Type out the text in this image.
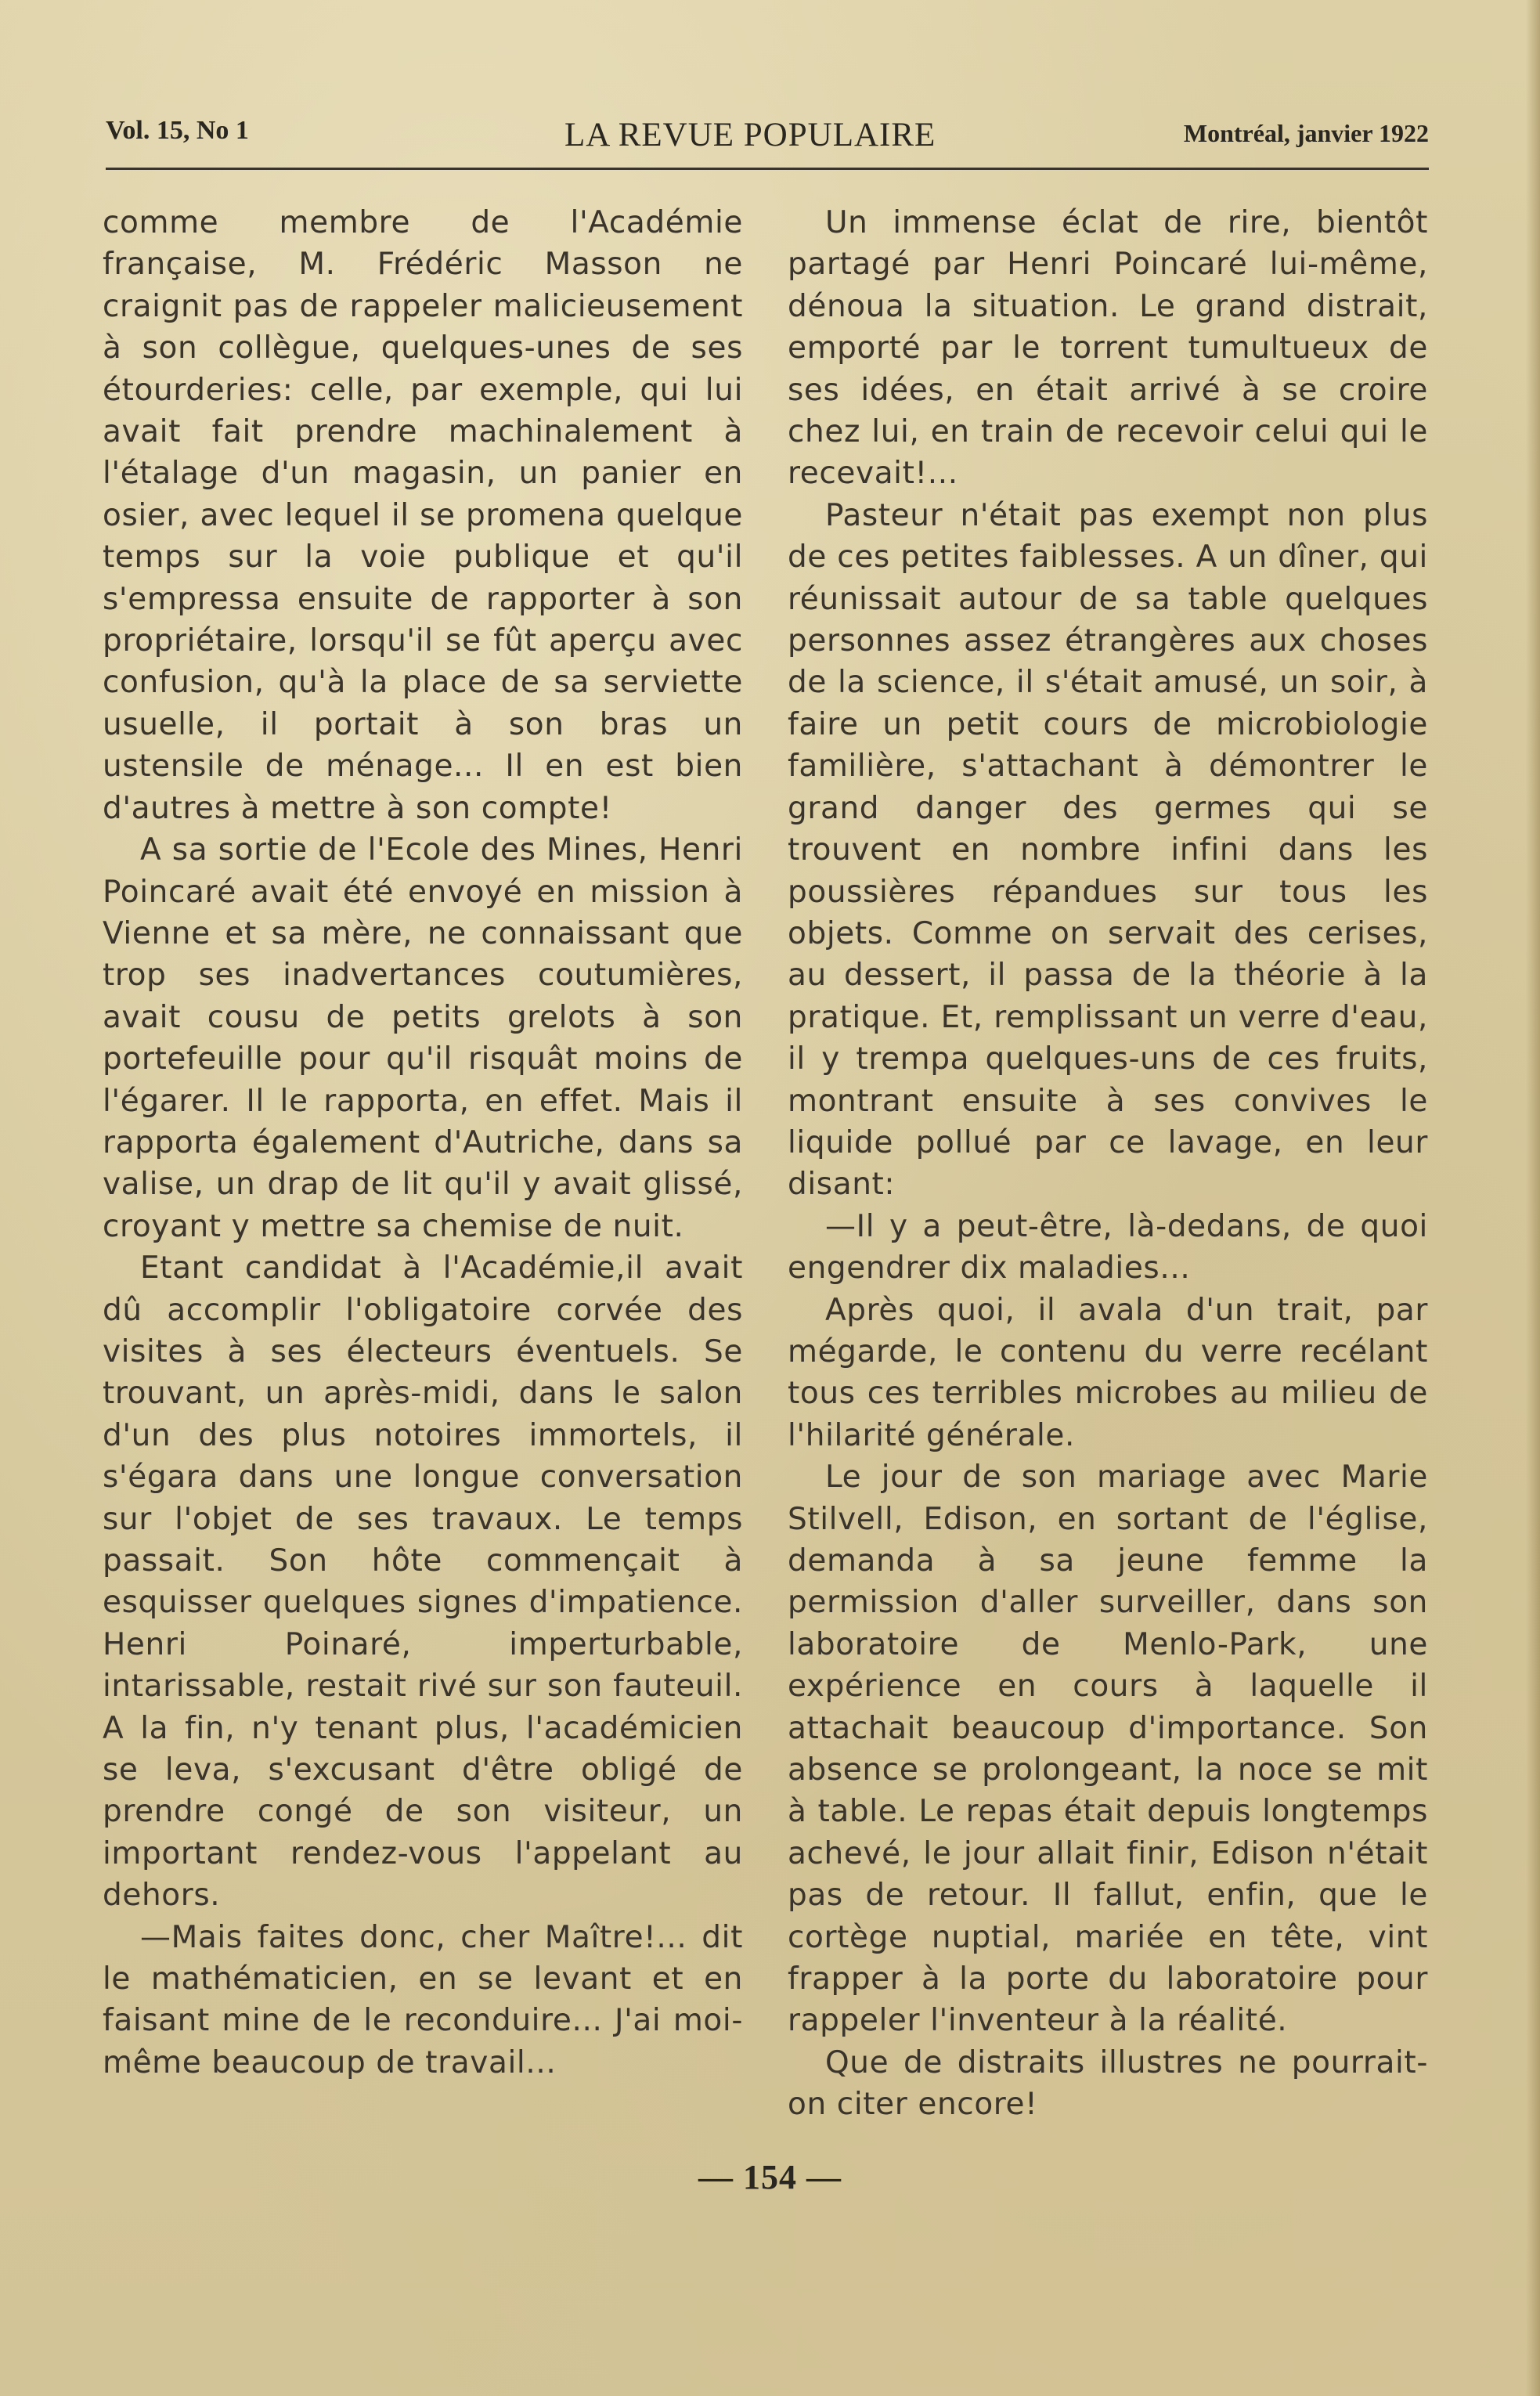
Vol. 15, No 1	LA REVUE POPULAIRE	Montréal, janvier 1922

comme membre de l'Académie française, M. Frédéric Masson ne craignit pas de rappeler malicieusement à son collègue, quelques-unes de ses étourderies: celle, par exemple, qui lui avait fait prendre machinalement à l'étalage d'un magasin, un panier en osier, avec lequel il se promena quelque temps sur la voie publique et qu'il s'empressa ensuite de rapporter à son propriétaire, lorsqu'il se fût aperçu avec confusion, qu'à la place de sa serviette usuelle, il portait à son bras un ustensile de ménage... Il en est bien d'autres à mettre à son compte!

A sa sortie de l'Ecole des Mines, Henri Poincaré avait été envoyé en mission à Vienne et sa mère, ne connaissant que trop ses inadvertances coutumières, avait cousu de petits grelots à son portefeuille pour qu'il risquât moins de l'égarer. Il le rapporta, en effet. Mais il rapporta également d'Autriche, dans sa valise, un drap de lit qu'il y avait glissé, croyant y mettre sa chemise de nuit.

Etant candidat à l'Académie,il avait dû accomplir l'obligatoire corvée des visites à ses électeurs éventuels. Se trouvant, un après-midi, dans le salon d'un des plus notoires immortels, il s'égara dans une longue conversation sur l'objet de ses travaux. Le temps passait. Son hôte commençait à esquisser quelques signes d'impatience. Henri Poinaré, imperturbable, intarissable, restait rivé sur son fauteuil. A la fin, n'y tenant plus, l'académicien se leva, s'excusant d'être obligé de prendre congé de son visiteur, un important rendez-vous l'appelant au dehors.

—Mais faites donc, cher Maître!... dit le mathématicien, en se levant et en faisant mine de le reconduire... J'ai moi-même beaucoup de travail...

Un immense éclat de rire, bientôt partagé par Henri Poincaré lui-même, dénoua la situation. Le grand distrait, emporté par le torrent tumultueux de ses idées, en était arrivé à se croire chez lui, en train de recevoir celui qui le recevait!...

Pasteur n'était pas exempt non plus de ces petites faiblesses. A un dîner, qui réunissait autour de sa table quelques personnes assez étrangères aux choses de la science, il s'était amusé, un soir, à faire un petit cours de microbiologie familière, s'attachant à démontrer le grand danger des germes qui se trouvent en nombre infini dans les poussières répandues sur tous les objets. Comme on servait des cerises, au dessert, il passa de la théorie à la pratique. Et, remplissant un verre d'eau, il y trempa quelques-uns de ces fruits, montrant ensuite à ses convives le liquide pollué par ce lavage, en leur disant:

—Il y a peut-être, là-dedans, de quoi engendrer dix maladies...

Après quoi, il avala d'un trait, par mégarde, le contenu du verre recélant tous ces terribles microbes au milieu de l'hilarité générale.

Le jour de son mariage avec Marie Stilvell, Edison, en sortant de l'église, demanda à sa jeune femme la permission d'aller surveiller, dans son laboratoire de Menlo-Park, une expérience en cours à laquelle il attachait beaucoup d'importance. Son absence se prolongeant, la noce se mit à table. Le repas était depuis longtemps achevé, le jour allait finir, Edison n'était pas de retour. Il fallut, enfin, que le cortège nuptial, mariée en tête, vint frapper à la porte du laboratoire pour rappeler l'inventeur à la réalité.

Que de distraits illustres ne pourrait-on citer encore!

— 154 —
